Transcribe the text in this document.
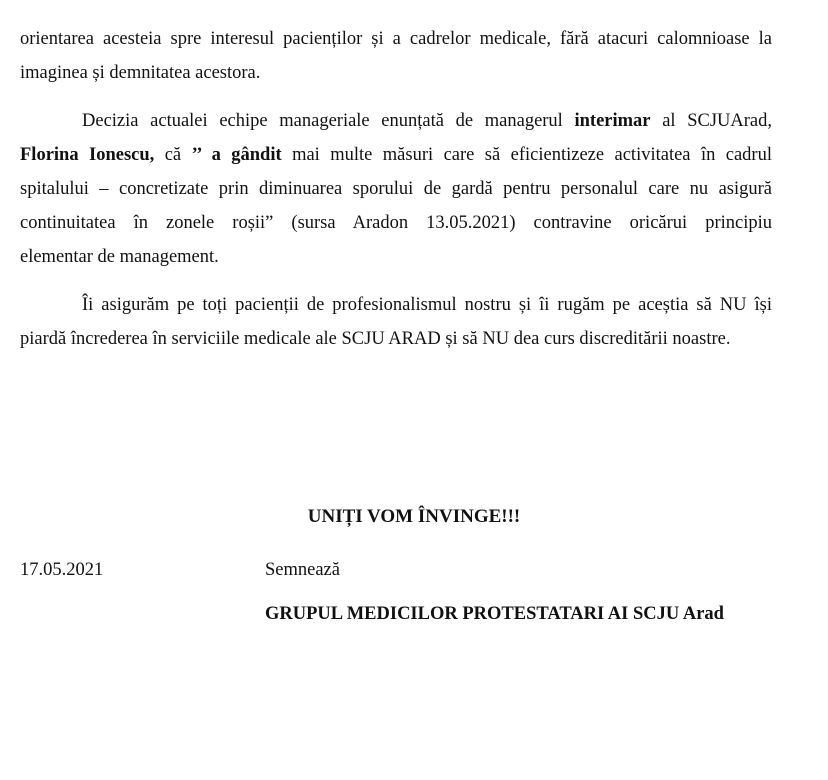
orientarea acesteia spre interesul pacienților și a cadrelor medicale, fără atacuri calomnioase la
imaginea și demnitatea acestora.
Decizia actualei echipe manageriale enunțată de managerul interimar al SCJUArad,
Florina Ionescu, că ’’ a gândit mai multe măsuri care să eficientizeze activitatea în cadrul
spitalului – concretizate prin diminuarea sporului de gardă pentru personalul care nu asigură
continuitatea în zonele roșii” (sursa Aradon 13.05.2021) contravine oricărui principiu
elementar de management.
Îi asigurăm pe toți pacienții de profesionalismul nostru și îi rugăm pe aceștia să NU își
piardă încrederea în serviciile medicale ale SCJU ARAD și să NU dea curs discreditării noastre.

UNIȚI VOM ÎNVINGE!!!

17.05.2021	Semnează

GRUPUL MEDICILOR PROTESTATARI AI SCJU Arad
